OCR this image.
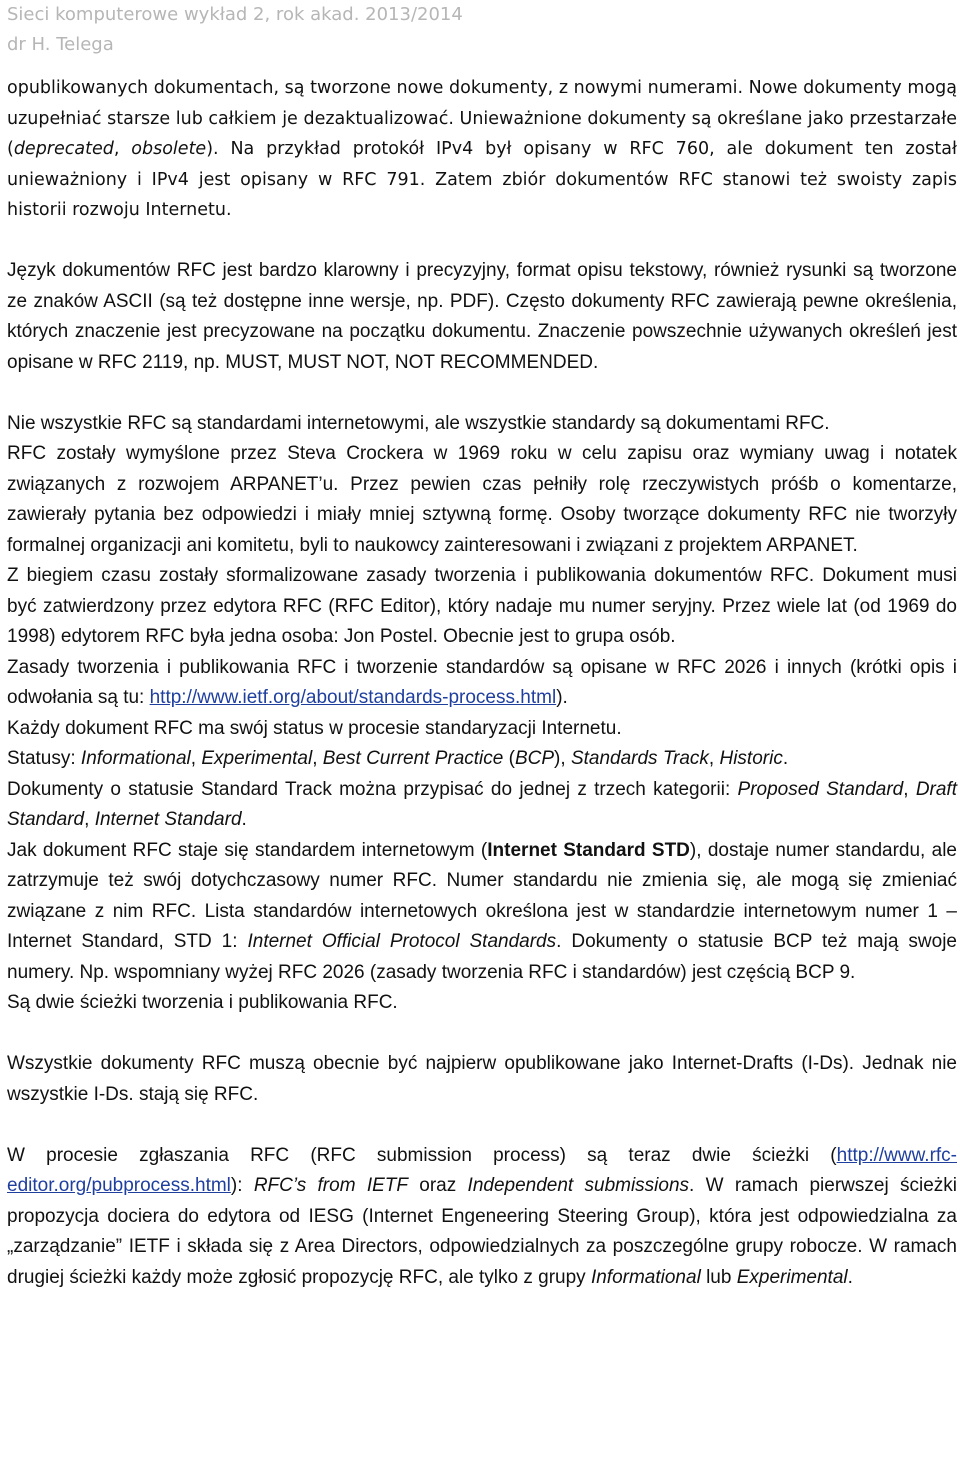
Sieci komputerowe wykład 2, rok akad. 2013/2014
dr H. Telega

opublikowanych dokumentach, są tworzone nowe dokumenty, z nowymi numerami. Nowe dokumenty mogą uzupełniać starsze lub całkiem je dezaktualizować. Unieważnione dokumenty są określane jako przestarzałe (deprecated, obsolete). Na przykład protokół IPv4 był opisany w RFC 760, ale dokument ten został unieważniony i IPv4 jest opisany w RFC 791. Zatem zbiór dokumentów RFC stanowi też swoisty zapis historii rozwoju Internetu.

Język dokumentów RFC jest bardzo klarowny i precyzyjny, format opisu tekstowy, również rysunki są tworzone ze znaków ASCII (są też dostępne inne wersje, np. PDF). Często dokumenty RFC zawierają pewne określenia, których znaczenie jest precyzowane na początku dokumentu. Znaczenie powszechnie używanych określeń jest opisane w RFC 2119, np. MUST, MUST NOT, NOT RECOMMENDED.

Nie wszystkie RFC są standardami internetowymi, ale wszystkie standardy są dokumentami RFC.

RFC zostały wymyślone przez Steva Crockera w 1969 roku w celu zapisu oraz wymiany uwag i notatek związanych z rozwojem ARPANET’u. Przez pewien czas pełniły rolę rzeczywistych próśb o komentarze, zawierały pytania bez odpowiedzi i miały mniej sztywną formę. Osoby tworzące dokumenty RFC nie tworzyły formalnej organizacji ani komitetu, byli to naukowcy zainteresowani i związani z projektem ARPANET.

Z biegiem czasu zostały sformalizowane zasady tworzenia i publikowania dokumentów RFC. Dokument musi być zatwierdzony przez edytora RFC (RFC Editor), który nadaje mu numer seryjny. Przez wiele lat (od 1969 do 1998) edytorem RFC była jedna osoba: Jon Postel. Obecnie jest to grupa osób.

Zasady tworzenia i publikowania RFC i tworzenie standardów są opisane w RFC 2026 i innych (krótki opis i odwołania są tu: http://www.ietf.org/about/standards-process.html).

Każdy dokument RFC ma swój status w procesie standaryzacji Internetu.

Statusy: Informational, Experimental, Best Current Practice (BCP), Standards Track, Historic.

Dokumenty o statusie Standard Track można przypisać do jednej z trzech kategorii: Proposed Standard, Draft Standard, Internet Standard.

Jak dokument RFC staje się standardem internetowym (Internet Standard STD), dostaje numer standardu, ale zatrzymuje też swój dotychczasowy numer RFC. Numer standardu nie zmienia się, ale mogą się zmieniać związane z nim RFC. Lista standardów internetowych określona jest w standardzie internetowym numer 1 – Internet Standard, STD 1: Internet Official Protocol Standards. Dokumenty o statusie BCP też mają swoje numery. Np. wspomniany wyżej RFC 2026 (zasady tworzenia RFC i standardów) jest częścią BCP 9.

Są dwie ścieżki tworzenia i publikowania RFC.

Wszystkie dokumenty RFC muszą obecnie być najpierw opublikowane jako Internet-Drafts (I-Ds). Jednak nie wszystkie I-Ds. stają się RFC.

W procesie zgłaszania RFC (RFC submission process) są teraz dwie ścieżki (http://www.rfc-editor.org/pubprocess.html): RFC’s from IETF oraz Independent submissions. W ramach pierwszej ścieżki propozycja dociera do edytora od IESG (Internet Engeneering Steering Group), która jest odpowiedzialna za „zarządzanie” IETF i składa się z Area Directors, odpowiedzialnych za poszczególne grupy robocze. W ramach drugiej ścieżki każdy może zgłosić propozycję RFC, ale tylko z grupy Informational lub Experimental.
